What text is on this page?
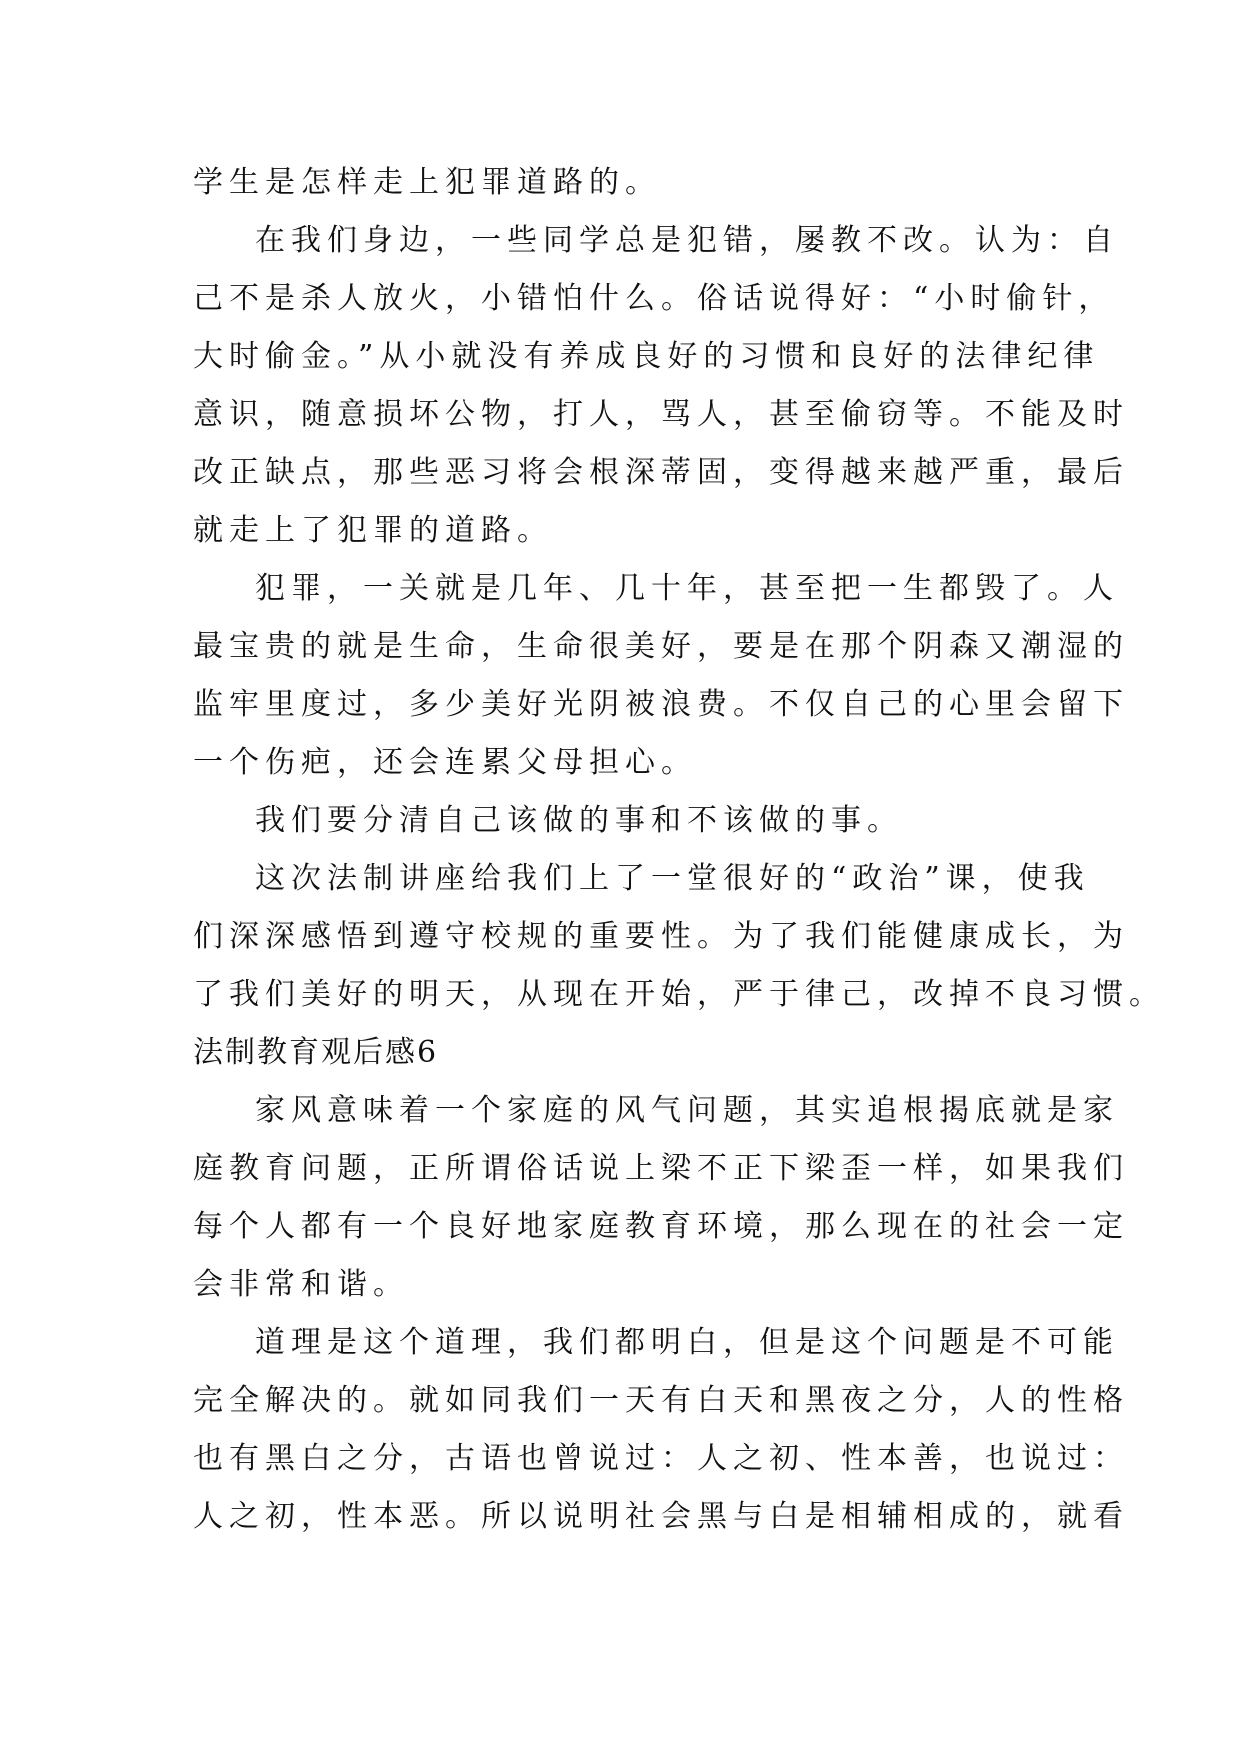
学生是怎样走上犯罪道路的。
在我们身边，一些同学总是犯错，屡教不改。认为：自
己不是杀人放火，小错怕什么。俗话说得好：“小时偷针，
大时偷金。”从小就没有养成良好的习惯和良好的法律纪律
意识，随意损坏公物，打人，骂人，甚至偷窃等。不能及时
改正缺点，那些恶习将会根深蒂固，变得越来越严重，最后
就走上了犯罪的道路。
犯罪，一关就是几年、几十年，甚至把一生都毁了。人
最宝贵的就是生命，生命很美好，要是在那个阴森又潮湿的
监牢里度过，多少美好光阴被浪费。不仅自己的心里会留下
一个伤疤，还会连累父母担心。
我们要分清自己该做的事和不该做的事。
这次法制讲座给我们上了一堂很好的“政治”课，使我
们深深感悟到遵守校规的重要性。为了我们能健康成长，为
了我们美好的明天，从现在开始，严于律己，改掉不良习惯。
法制教育观后感6
家风意味着一个家庭的风气问题，其实追根揭底就是家
庭教育问题，正所谓俗话说上梁不正下梁歪一样，如果我们
每个人都有一个良好地家庭教育环境，那么现在的社会一定
会非常和谐。
道理是这个道理，我们都明白，但是这个问题是不可能
完全解决的。就如同我们一天有白天和黑夜之分，人的性格
也有黑白之分，古语也曾说过：人之初、性本善，也说过：
人之初，性本恶。所以说明社会黑与白是相辅相成的，就看
